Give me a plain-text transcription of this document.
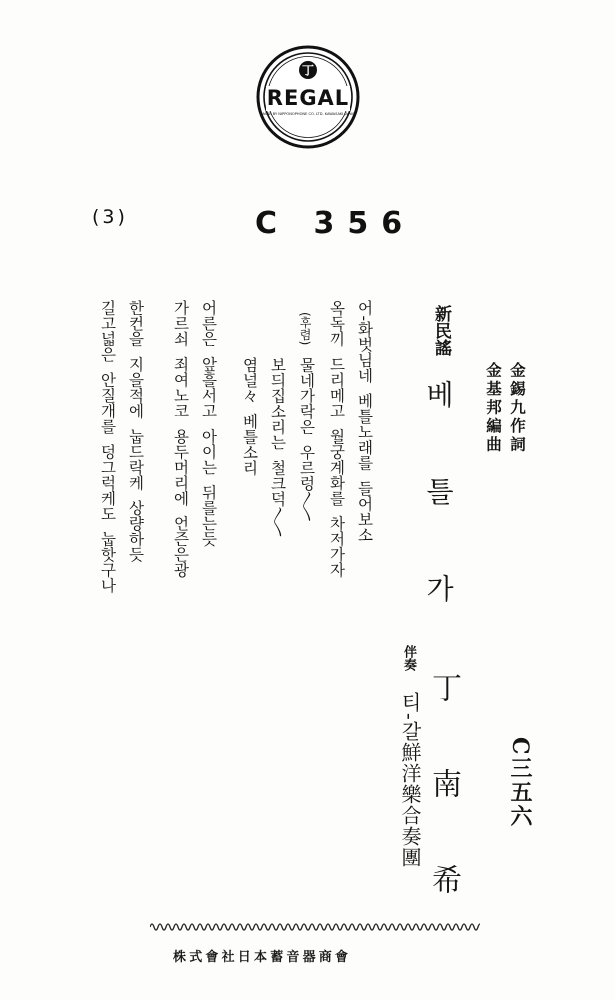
丁
REGAL
MADE BY NIPPONOPHONE CO. LTD. KAWASAKI JAPAN
(3)	C 356
新民謠
베 틀 가	金錫九作詞
金基邦編曲
어-화벗님네  베틀노래를  들어보소
옥독끼  드리메고  월궁계화를  차저가자
(후렴)
물네가락은  우르렁〳〵
보듸집소리는  철크덕〳〵
염널々  베틀소리
어른은  앞흘서고  아이는  뒤를는듯
가르쇠  죄여노코  용두머리에  언즌은광
한컨을  지을적에  눕드락케  상량하듯
길고넓은  안질개를  덩그럭케도  눕핫구나
丁南希
伴奏
티-갈鮮洋樂合奏團	C三五六
株式會社日本蓄音器商會
